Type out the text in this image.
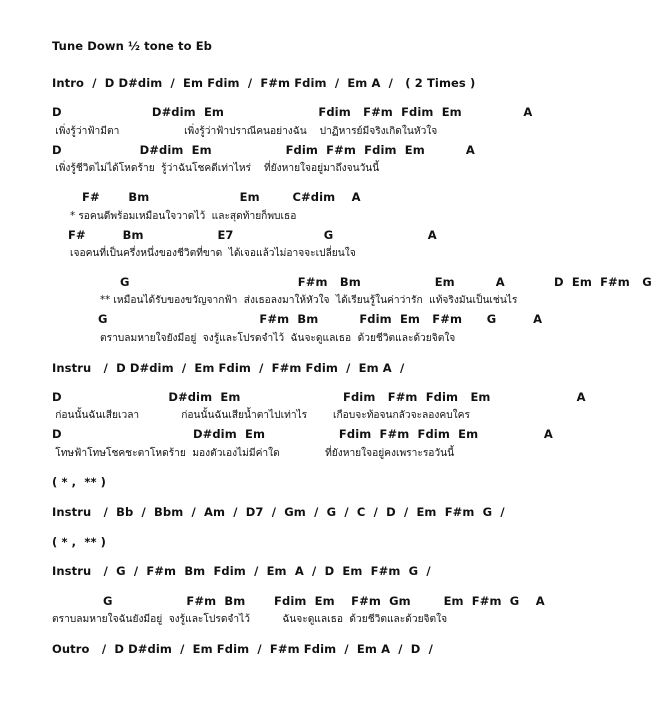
Tune Down ½ tone to Eb
Intro  /  D D#dim  /  Em Fdim  /  F#m Fdim  /  Em A  /   ( 2 Times )
D                      D#dim  Em                       Fdim   F#m  Fdim  Em               A
เพิ่งรู้ว่าฟ้ามีตา                    เพิ่งรู้ว่าฟ้าปราณีคนอย่างฉัน    ปาฏิหารย์มีจริงเกิดในหัวใจ
D                   D#dim  Em                  Fdim  F#m  Fdim  Em          A
เพิ่งรู้ชีวิตไม่ได้โหดร้าย  รู้ว่าฉันโชคดีเท่าไหร่    ที่ยังหายใจอยู่มาถึงจนวันนี้
F#       Bm                      Em        C#dim    A
* รอคนดีพร้อมเหมือนใจวาดไว้  และสุดท้ายก็พบเธอ
F#         Bm                  E7                      G                       A
เจอคนที่เป็นครึ่งหนึ่งของชีวิตที่ขาด  ได้เจอแล้วไม่อาจจะเปลี่ยนใจ
G                                         F#m   Bm                  Em          A            D  Em  F#m   G
** เหมือนได้รับของขวัญจากฟ้า  ส่งเธอลงมาให้หัวใจ  ได้เรียนรู้ในค่าว่ารัก  แท้จริงมันเป็นเช่นไร
G                                     F#m  Bm          Fdim  Em   F#m      G         A
ตราบลมหายใจยังมีอยู่  จงรู้และโปรดจำไว้  ฉันจะดูแลเธอ  ด้วยชีวิตและด้วยจิตใจ
Instru   /  D D#dim  /  Em Fdim  /  F#m Fdim  /  Em A  /
D                          D#dim  Em                         Fdim   F#m  Fdim   Em                     A
ก่อนนั้นฉันเสียเวลา             ก่อนนั้นฉันเสียน้ำตาไปเท่าไร        เกือบจะท้อจนกลัวจะลองคบใคร
D                                D#dim  Em                  Fdim  F#m  Fdim  Em                A
โทษฟ้าโทษโชคชะตาโหดร้าย  มองตัวเองไม่มีค่าใด              ที่ยังหายใจอยู่คงเพราะรอวันนี้
( * ,  ** )
Instru   /  Bb  /  Bbm  /  Am  /  D7  /  Gm  /  G  /  C  /  D  /  Em  F#m  G  /
( * ,  ** )
Instru   /  G  /  F#m  Bm  Fdim  /  Em  A  /  D  Em  F#m  G  /
G                  F#m  Bm       Fdim  Em    F#m  Gm        Em  F#m  G    A
ตราบลมหายใจฉันยังมีอยู่  จงรู้และโปรดจำไว้          ฉันจะดูแลเธอ  ด้วยชีวิตและด้วยจิตใจ
Outro   /  D D#dim  /  Em Fdim  /  F#m Fdim  /  Em A  /  D  /
